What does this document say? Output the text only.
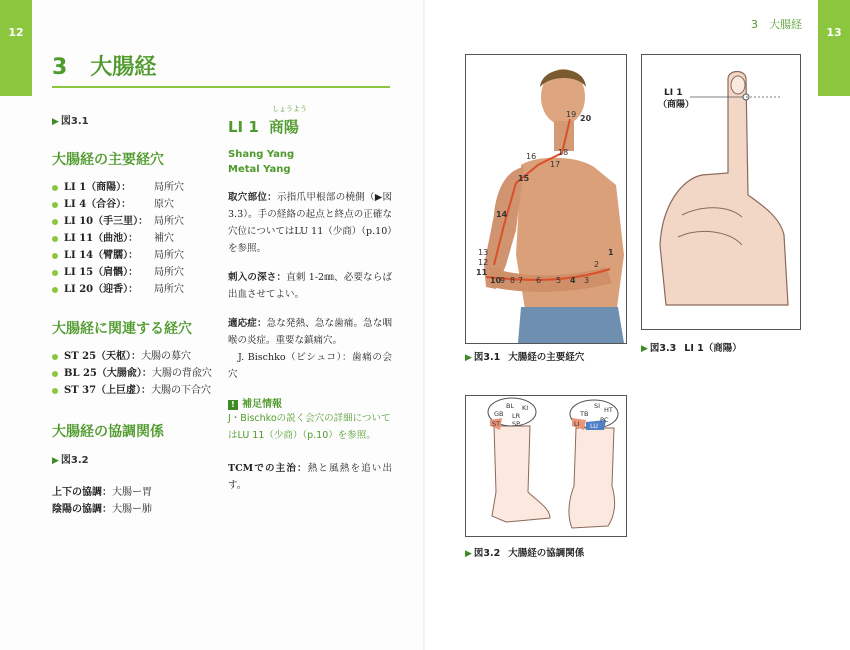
12
3 大腸経
▶ 図3.1
大腸経の主要経穴
LI 1（商陽）： 局所穴
LI 4（合谷）： 原穴
LI 10（手三里）： 局所穴
LI 11（曲池）： 補穴
LI 14（臂臑）： 局所穴
LI 15（肩髃）： 局所穴
LI 20（迎香）： 局所穴
大腸経に関連する経穴
ST 25（天枢）：大腸の募穴
BL 25（大腸兪）：大腸の背兪穴
ST 37（上巨虚）：大腸の下合穴
大腸経の協調関係
▶ 図3.2
上下の協調：大腸ー胃
陰陽の協調：大腸ー肺
しょうよう
LI 1 商陽
Shang Yang
Metal Yang
取穴部位：示指爪甲根部の橈側（▶図3.3）。手の経絡の起点と終点の正確な穴位についてはLU 11（少商）（p.10）を参照。
刺入の深さ：直刺 1-2㎜、必要ならば出血させてよい。
適応症：急な発熱、急な歯痛。急な咽喉の炎症。重要な鎮痛穴。
J. Bischko（ビシュコ）：歯痛の会穴
! 補足情報
J・Bischkoの説く会穴の詳細についてはLU 11（少商）（p.10）を参照。
TCMでの主治：熱と風熱を追い出す。
3　大腸経
13
19 20
18
16
17
15
14
13
12
11
10
9 8 7 6 5 4 3
2
1
▶ 図3.1 大腸経の主要経穴
LI 1
（商陽）
▶ 図3.3 LI 1（商陽）
BL KI
GB LR
ST SP
SI
TB HT
LI	PC
LU
▶ 図3.2 大腸経の協調関係
